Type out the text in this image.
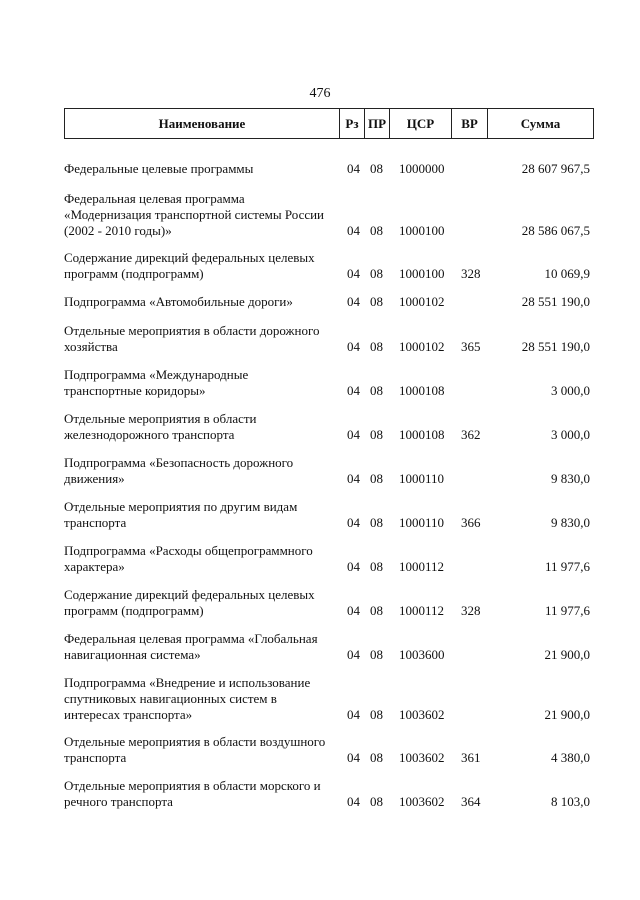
476
Наименование	Рз ПР	ЦСР	ВР	Сумма
Федеральные целевые программы	04 08 1000000	28 607 967,5
Федеральная целевая программа
«Модернизация транспортной системы России
(2002 - 2010 годы)»	04 08 1000100	28 586 067,5
Содержание дирекций федеральных целевых
программ (подпрограмм)	04 08 1000100 328	10 069,9
Подпрограмма «Автомобильные дороги»	04 08 1000102	28 551 190,0
Отдельные мероприятия в области дорожного
хозяйства	04 08 1000102 365	28 551 190,0
Подпрограмма «Международные
транспортные коридоры»	04 08 1000108	3 000,0
Отдельные мероприятия в области
железнодорожного транспорта	04 08 1000108 362	3 000,0
Подпрограмма «Безопасность дорожного
движения»	04 08 1000110	9 830,0
Отдельные мероприятия по другим видам
транспорта	04 08 1000110 366	9 830,0
Подпрограмма «Расходы общепрограммного
характера»	04 08 1000112	11 977,6
Содержание дирекций федеральных целевых
программ (подпрограмм)	04 08 1000112 328	11 977,6
Федеральная целевая программа «Глобальная
навигационная система»	04 08 1003600	21 900,0
Подпрограмма «Внедрение и использование
спутниковых навигационных систем в
интересах транспорта»	04 08 1003602	21 900,0
Отдельные мероприятия в области воздушного
транспорта	04 08 1003602 361	4 380,0
Отдельные мероприятия в области морского и
речного транспорта	04 08 1003602 364	8 103,0
